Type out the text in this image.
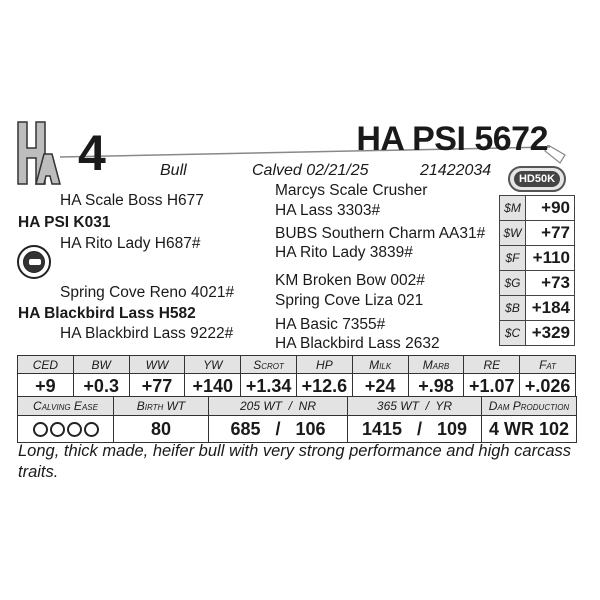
4	HA PSI 5672
Bull	Calved 02/21/25	21422034	HD50K
HA Scale Boss H677
HA PSI K031
HA Rito Lady H687#
Spring Cove Reno 4021#
HA Blackbird Lass H582
HA Blackbird Lass 9222#
Marcys Scale Crusher
HA Lass 3303#
BUBS Southern Charm AA31#
HA Rito Lady 3839#
KM Broken Bow 002#
Spring Cove Liza 021
HA Basic 7355#
HA Blackbird Lass 2632
$M	+90
$W	+77
$F	+110
$G	+73
$B	+184
$C	+329
CED	BW	WW	YW	Scrot	HP	Milk	Marb	RE	Fat
+9	+0.3	+77	+140	+1.34	+12.6	+24	+.98	+1.07	+.026
Calving Ease	Birth WT	205 WT  /  NR	365 WT  /  YR	Dam Production
	80	685   /   106	1415   /   109	4 WR 102
Long, thick made, heifer bull with very strong performance and high carcass traits.
